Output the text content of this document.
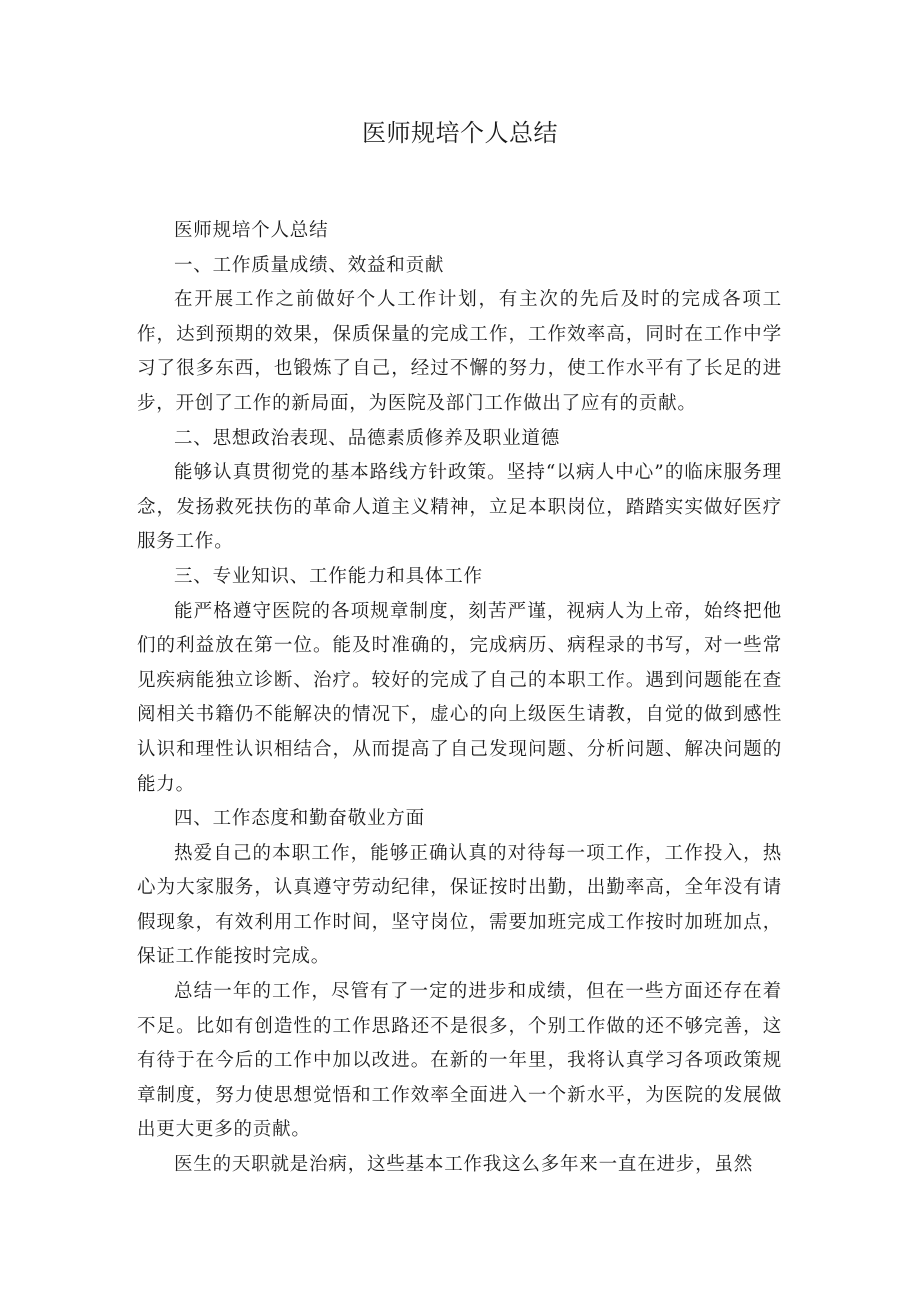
医师规培个人总结

医师规培个人总结

一、工作质量成绩、效益和贡献

在开展工作之前做好个人工作计划，有主次的先后及时的完成各项工作，达到预期的效果，保质保量的完成工作，工作效率高，同时在工作中学习了很多东西，也锻炼了自己，经过不懈的努力，使工作水平有了长足的进步，开创了工作的新局面，为医院及部门工作做出了应有的贡献。

二、思想政治表现、品德素质修养及职业道德

能够认真贯彻党的基本路线方针政策。坚持“以病人中心”的临床服务理念，发扬救死扶伤的革命人道主义精神，立足本职岗位，踏踏实实做好医疗服务工作。

三、专业知识、工作能力和具体工作

能严格遵守医院的各项规章制度，刻苦严谨，视病人为上帝，始终把他们的利益放在第一位。能及时准确的，完成病历、病程录的书写，对一些常见疾病能独立诊断、治疗。较好的完成了自己的本职工作。遇到问题能在查阅相关书籍仍不能解决的情况下，虚心的向上级医生请教，自觉的做到感性认识和理性认识相结合，从而提高了自己发现问题、分析问题、解决问题的能力。

四、工作态度和勤奋敬业方面

热爱自己的本职工作，能够正确认真的对待每一项工作，工作投入，热心为大家服务，认真遵守劳动纪律，保证按时出勤，出勤率高，全年没有请假现象，有效利用工作时间，坚守岗位，需要加班完成工作按时加班加点，保证工作能按时完成。

总结一年的工作，尽管有了一定的进步和成绩，但在一些方面还存在着不足。比如有创造性的工作思路还不是很多，个别工作做的还不够完善，这有待于在今后的工作中加以改进。在新的一年里，我将认真学习各项政策规章制度，努力使思想觉悟和工作效率全面进入一个新水平，为医院的发展做出更大更多的贡献。

医生的天职就是治病，这些基本工作我这么多年来一直在进步，虽然
